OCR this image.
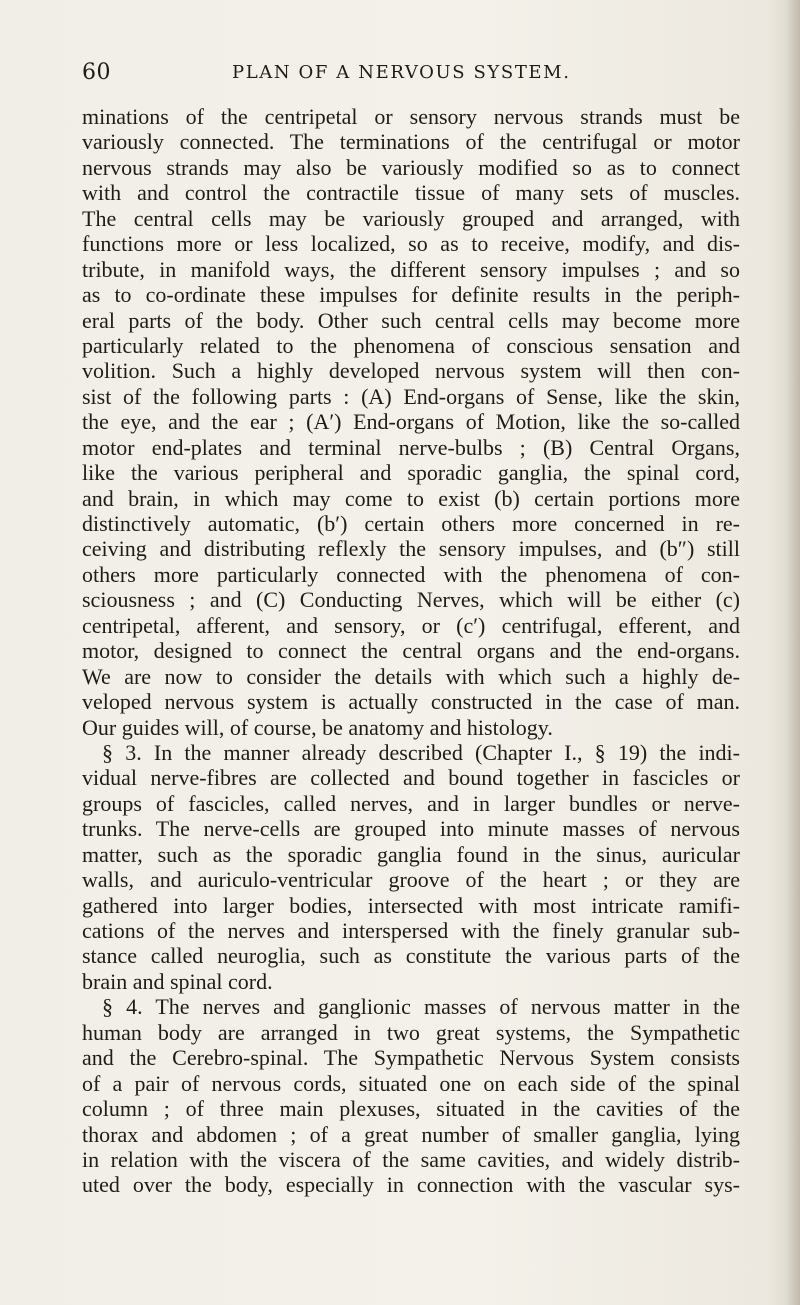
60	PLAN OF A NERVOUS SYSTEM.
minations of the centripetal or sensory nervous strands must be
variously connected. The terminations of the centrifugal or motor
nervous strands may also be variously modified so as to connect
with and control the contractile tissue of many sets of muscles.
The central cells may be variously grouped and arranged, with
functions more or less localized, so as to receive, modify, and dis-
tribute, in manifold ways, the different sensory impulses ; and so
as to co-ordinate these impulses for definite results in the periph-
eral parts of the body. Other such central cells may become more
particularly related to the phenomena of conscious sensation and
volition. Such a highly developed nervous system will then con-
sist of the following parts : (A) End-organs of Sense, like the skin,
the eye, and the ear ; (A′) End-organs of Motion, like the so-called
motor end-plates and terminal nerve-bulbs ; (B) Central Organs,
like the various peripheral and sporadic ganglia, the spinal cord,
and brain, in which may come to exist (b) certain portions more
distinctively automatic, (b′) certain others more concerned in re-
ceiving and distributing reflexly the sensory impulses, and (b″) still
others more particularly connected with the phenomena of con-
sciousness ; and (C) Conducting Nerves, which will be either (c)
centripetal, afferent, and sensory, or (c′) centrifugal, efferent, and
motor, designed to connect the central organs and the end-organs.
We are now to consider the details with which such a highly de-
veloped nervous system is actually constructed in the case of man.
Our guides will, of course, be anatomy and histology.
§ 3. In the manner already described (Chapter I., § 19) the indi-
vidual nerve-fibres are collected and bound together in fascicles or
groups of fascicles, called nerves, and in larger bundles or nerve-
trunks. The nerve-cells are grouped into minute masses of nervous
matter, such as the sporadic ganglia found in the sinus, auricular
walls, and auriculo-ventricular groove of the heart ; or they are
gathered into larger bodies, intersected with most intricate ramifi-
cations of the nerves and interspersed with the finely granular sub-
stance called neuroglia, such as constitute the various parts of the
brain and spinal cord.
§ 4. The nerves and ganglionic masses of nervous matter in the
human body are arranged in two great systems, the Sympathetic
and the Cerebro-spinal. The Sympathetic Nervous System consists
of a pair of nervous cords, situated one on each side of the spinal
column ; of three main plexuses, situated in the cavities of the
thorax and abdomen ; of a great number of smaller ganglia, lying
in relation with the viscera of the same cavities, and widely distrib-
uted over the body, especially in connection with the vascular sys-
